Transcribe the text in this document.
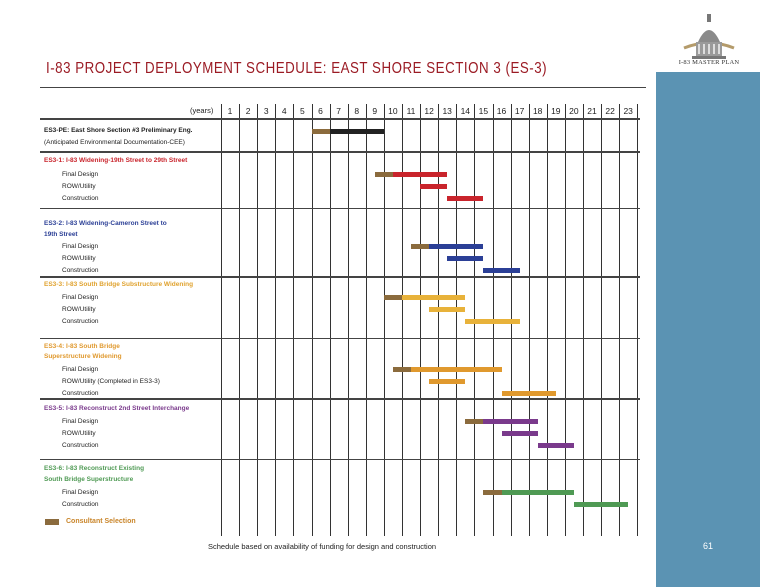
61
I-83 MASTER PLAN
I-83 PROJECT DEPLOYMENT SCHEDULE: EAST SHORE SECTION 3 (ES-3)
(years)	1	2	3	4	5	6	7	8	9	10	11	12	13	14	15	16	17	18	19	20	21	22	23
ES3-PE: East Shore Section #3 Preliminary Eng.
(Anticipated Environmental Documentation-CEE)
ES3-1: I-83 Widening-19th Street to 29th Street
Final Design
ROW/Utility
Construction
ES3-2: I-83 Widening-Cameron Street to
19th Street
Final Design
ROW/Utility
Construction
ES3-3: I-83 South Bridge Substructure Widening
Final Design
ROW/Utility
Construction
ES3-4: I-83 South Bridge
Superstructure Widening
Final Design
ROW/Utility (Completed in ES3-3)
Construction
ES3-5: I-83 Reconstruct 2nd Street Interchange
Final Design
ROW/Utility
Construction
ES3-6: I-83 Reconstruct Existing
South Bridge Superstructure
Final Design
Construction
Consultant Selection
Schedule based on availability of funding for design and construction
